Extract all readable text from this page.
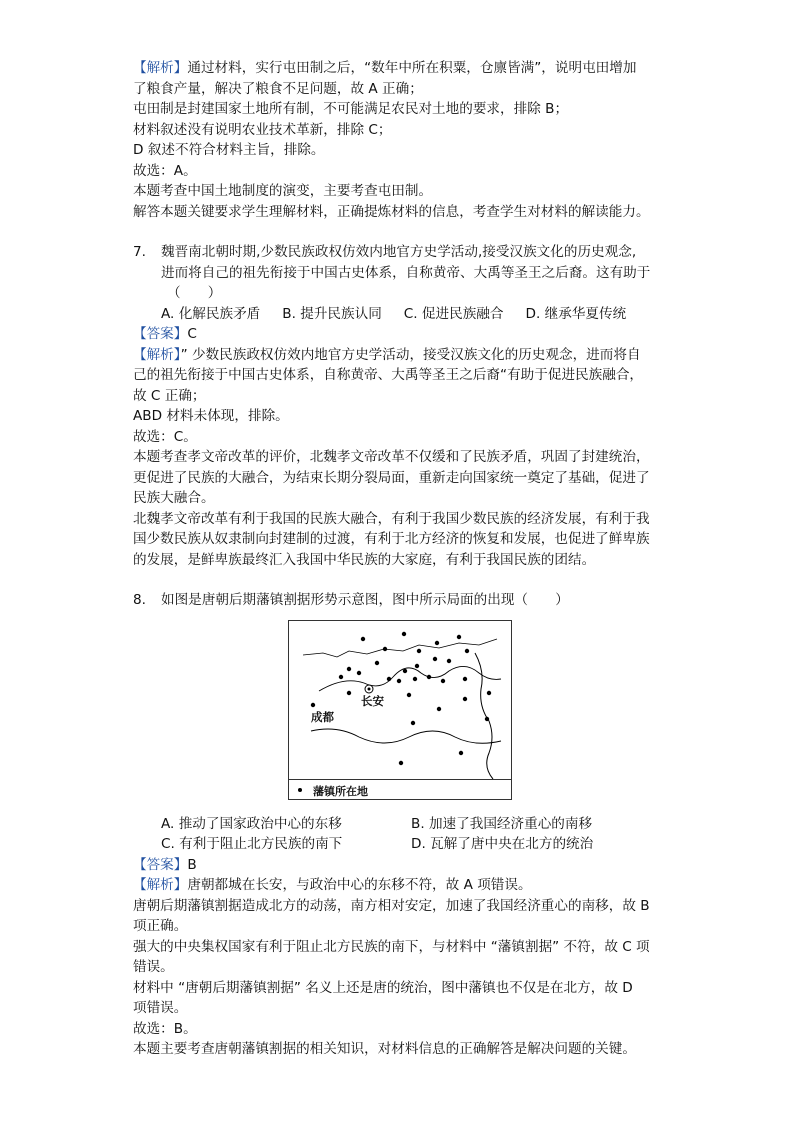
【解析】通过材料，实行屯田制之后，“数年中所在积粟，仓廪皆满”，说明屯田增加

了粮食产量，解决了粮食不足问题，故 A 正确；

屯田制是封建国家土地所有制，不可能满足农民对土地的要求，排除 B；

材料叙述没有说明农业技术革新，排除 C；

D 叙述不符合材料主旨，排除。

故选：A。

本题考查中国土地制度的演变，主要考查屯田制。

解答本题关键要求学生理解材料，正确提炼材料的信息，考查学生对材料的解读能力。

7. 魏晋南北朝时期,少数民族政权仿效内地官方史学活动,接受汉族文化的历史观念,

进而将自己的祖先衔接于中国古史体系，自称黄帝、大禹等圣王之后裔。这有助于

（　　）

A. 化解民族矛盾 B. 提升民族认同 C. 促进民族融合 D. 继承华夏传统

【答案】C

【解析】” 少数民族政权仿效内地官方史学活动，接受汉族文化的历史观念，进而将自

己的祖先衔接于中国古史体系，自称黄帝、大禹等圣王之后裔“有助于促进民族融合，

故 C 正确；

ABD 材料未体现，排除。

故选：C。

本题考查孝文帝改革的评价，北魏孝文帝改革不仅缓和了民族矛盾，巩固了封建统治，

更促进了民族的大融合，为结束长期分裂局面，重新走向国家统一奠定了基础，促进了

民族大融合。

北魏孝文帝改革有利于我国的民族大融合，有利于我国少数民族的经济发展，有利于我

国少数民族从奴隶制向封建制的过渡，有利于北方经济的恢复和发展，也促进了鲜卑族

的发展，是鲜卑族最终汇入我国中华民族的大家庭，有利于我国民族的团结。

8. 如图是唐朝后期藩镇割据形势示意图，图中所示局面的出现（　　）

长安
成都
藩镇所在地
A. 推动了国家政治中心的东移	B. 加速了我国经济重心的南移
C. 有利于阻止北方民族的南下	D. 瓦解了唐中央在北方的统治

【答案】B

【解析】唐朝都城在长安，与政治中心的东移不符，故 A 项错误。

唐朝后期藩镇割据造成北方的动荡，南方相对安定，加速了我国经济重心的南移，故 B

项正确。

强大的中央集权国家有利于阻止北方民族的南下，与材料中 “藩镇割据” 不符，故 C 项

错误。

材料中 “唐朝后期藩镇割据” 名义上还是唐的统治，图中藩镇也不仅是在北方，故 D

项错误。

故选：B。

本题主要考查唐朝藩镇割据的相关知识，对材料信息的正确解答是解决问题的关键。
